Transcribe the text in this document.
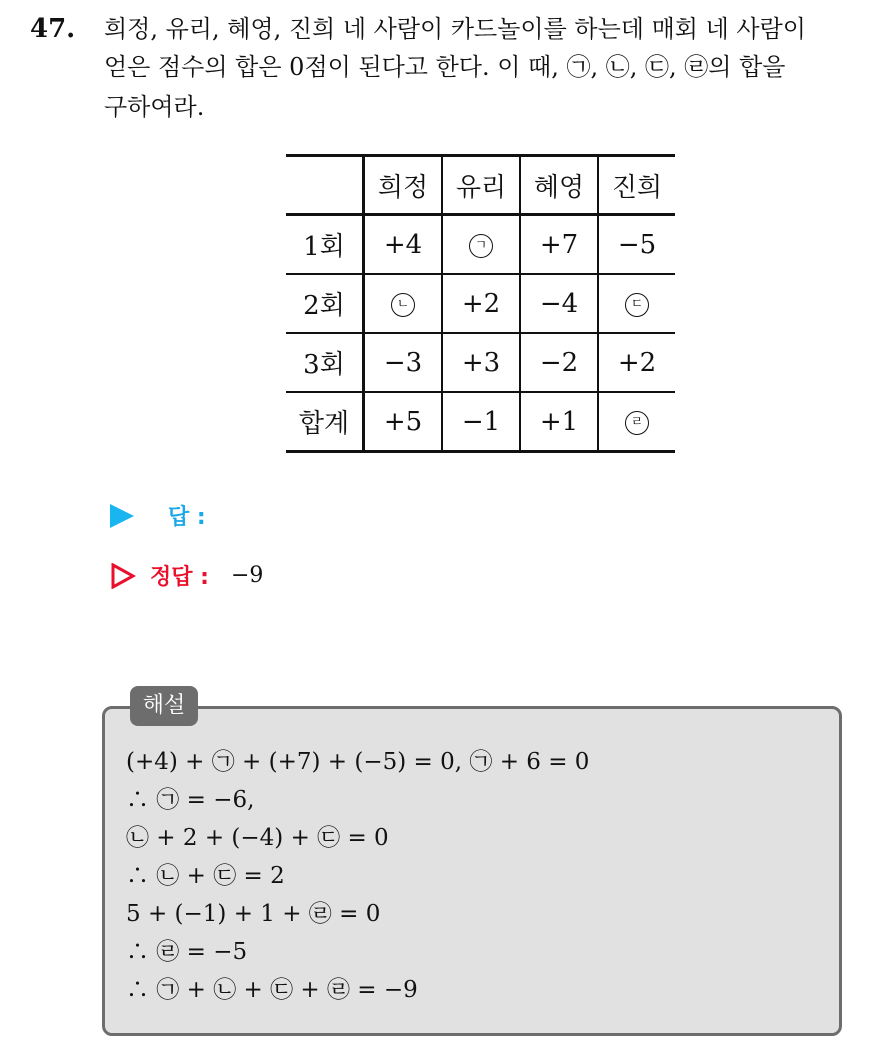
47. 희정, 유리, 혜영, 진희 네 사람이 카드놀이를 하는데 매회 네 사람이
얻은 점수의 합은 0점이 된다고 한다. 이 때, ㉠, ㉡, ㉢, ㉣의 합을
구하여라.
	희정	유리	혜영	진희
1회	+4	ㄱ	+7	−5
2회	ㄴ	+2	−4	ㄷ
3회	−3	+3	−2	+2
합계	+5	−1	+1	ㄹ
답 :
정답 : −9
해설
(+4) + ㉠ + (+7) + (−5) = 0, ㉠ + 6 = 0
∴ ㉠ = −6,
㉡ + 2 + (−4) + ㉢ = 0
∴ ㉡ + ㉢ = 2
5 + (−1) + 1 + ㉣ = 0
∴ ㉣ = −5
∴ ㉠ + ㉡ + ㉢ + ㉣ = −9
